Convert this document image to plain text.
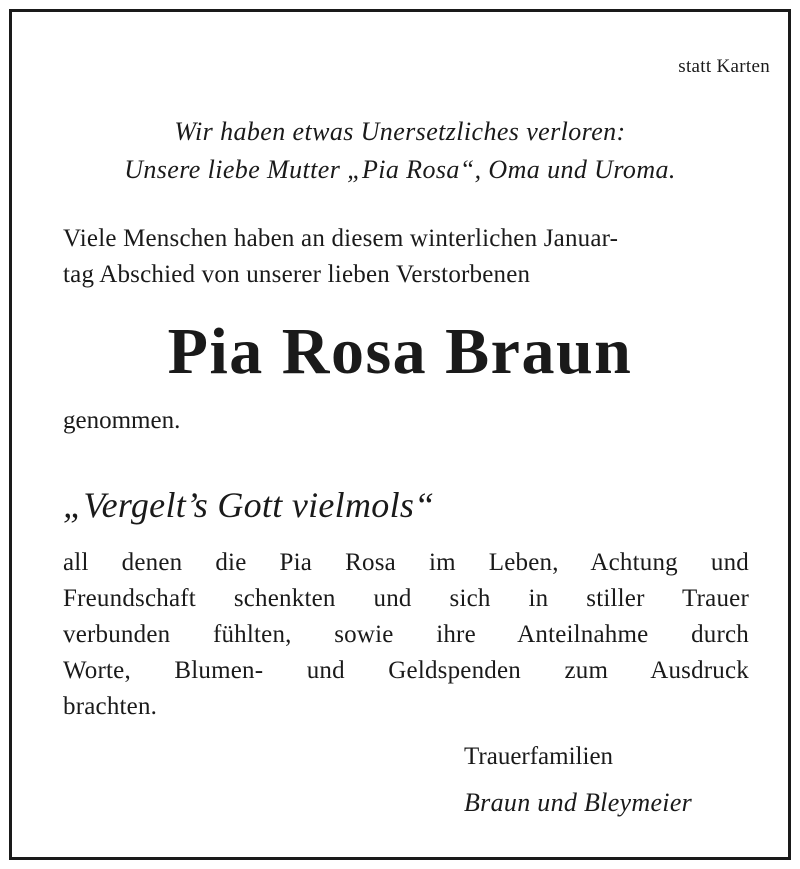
statt Karten
Wir haben etwas Unersetzliches verloren:
Unsere liebe Mutter „Pia Rosa“, Oma und Uroma.
Viele Menschen haben an diesem winterlichen Januar-
tag Abschied von unserer lieben Verstorbenen
Pia Rosa Braun
genommen.
„Vergelt’s Gott vielmols“
all denen die Pia Rosa im Leben, Achtung und
Freundschaft schenkten und sich in stiller Trauer
verbunden fühlten, sowie ihre Anteilnahme durch
Worte, Blumen- und Geldspenden zum Ausdruck
brachten.
Trauerfamilien
Braun und Bleymeier
